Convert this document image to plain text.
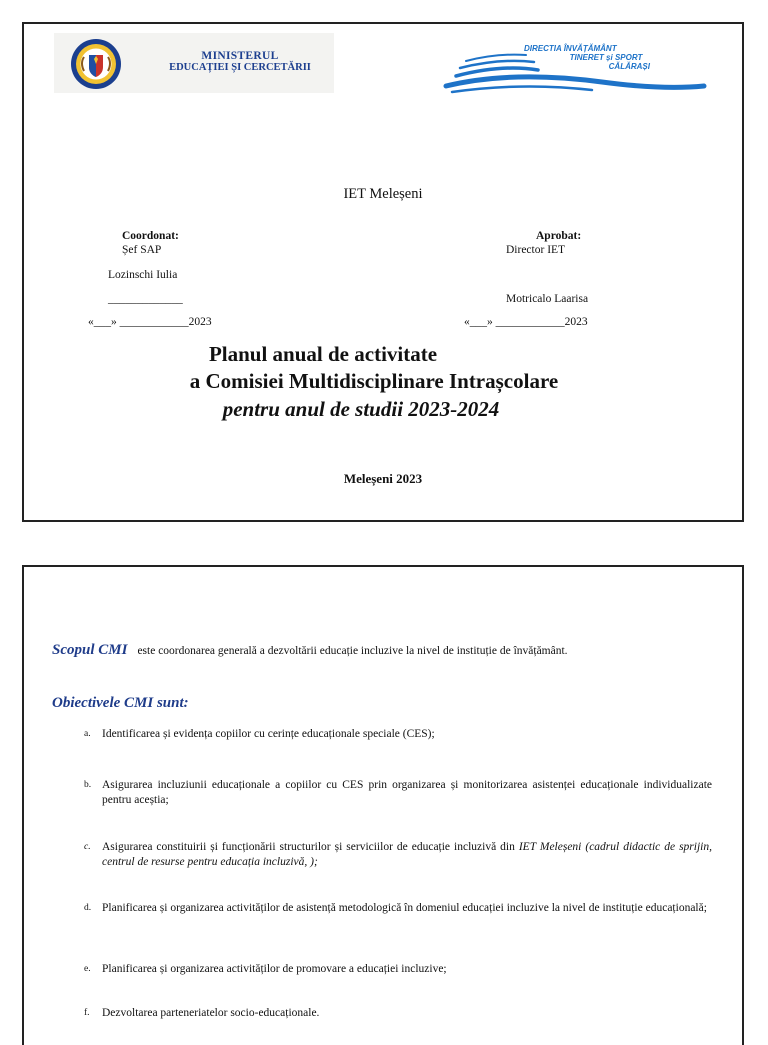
MINISTERUL
EDUCAȚIEI ȘI CERCETĂRII
DIRECTIA ÎNVĂȚĂMÂNT
TINERET și SPORT
CĂLĂRAȘI
IET Meleșeni
Coordonat:
Șef SAP
Lozinschi Iulia
_____________
«___» ____________2023
Aprobat:
Director IET
Motricalo Laarisa
«___» ____________2023
Planul anual de activitate
a Comisiei Multidisciplinare Intrașcolare
pentru anul de studii 2023-2024
Meleșeni 2023
Scopul CMI este coordonarea generală a dezvoltării educație incluzive la nivel de instituție de învățământ.
Obiectivele CMI sunt:
a. Identificarea și evidența copiilor cu cerințe educaționale speciale (CES);
b. Asigurarea incluziunii educaționale a copiilor cu CES prin organizarea și monitorizarea asistenței educaționale individualizate pentru aceștia;
c. Asigurarea constituirii și funcționării structurilor și serviciilor de educație incluzivă din IET Meleșeni (cadrul didactic de sprijin, centrul de resurse pentru educația incluzivă, );
d. Planificarea și organizarea activităților de asistență metodologică în domeniul educației incluzive la nivel de instituție educațională;
e. Planificarea și organizarea activităților de promovare a educației incluzive;
f. Dezvoltarea parteneriatelor socio-educaționale.
